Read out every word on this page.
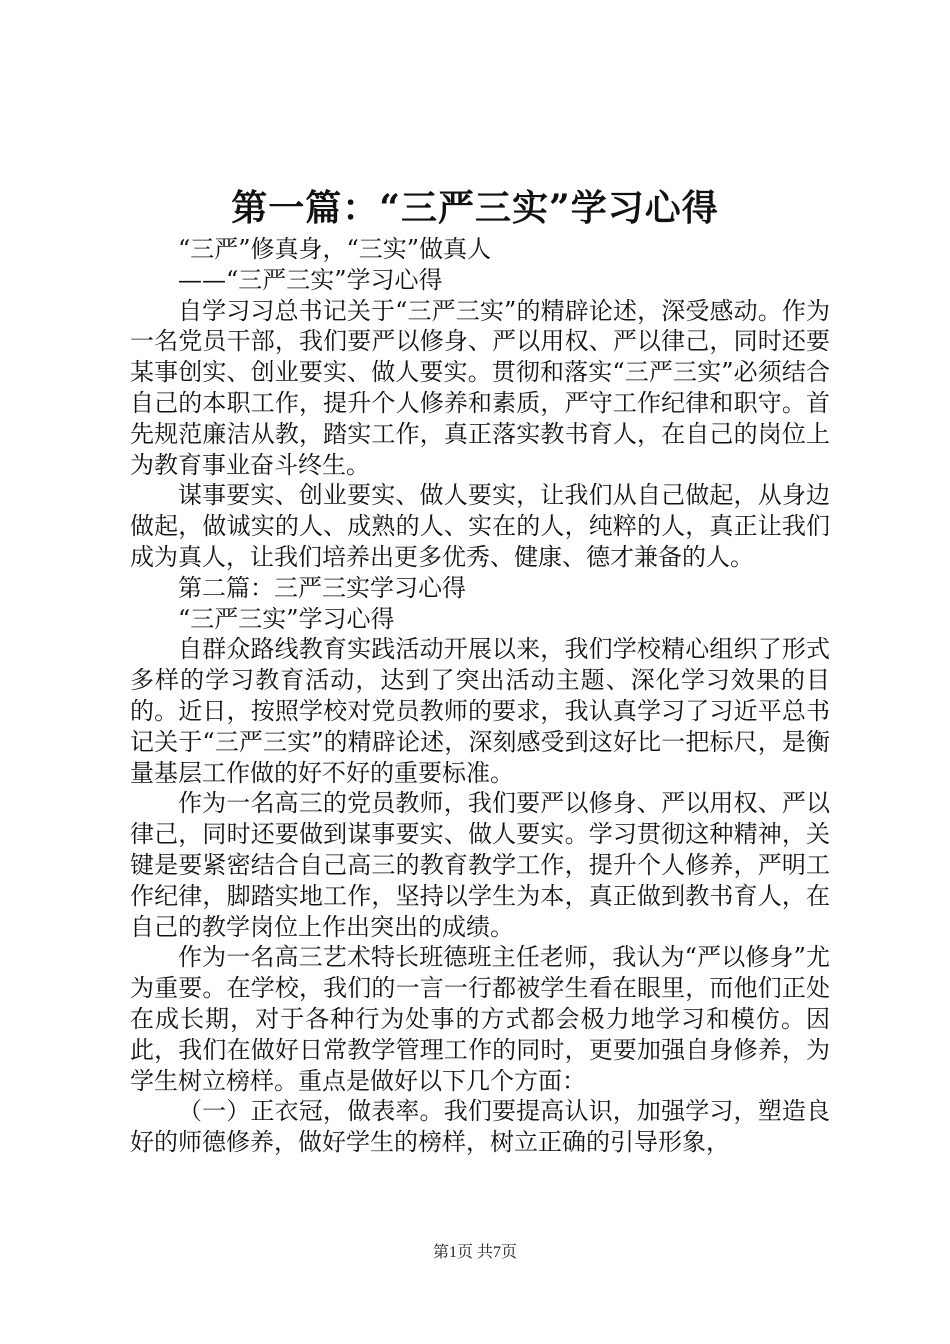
第一篇：“三严三实”学习心得

“三严”修真身，“三实”做真人

——“三严三实”学习心得

自学习习总书记关于“三严三实”的精辟论述，深受感动。作为一名党员干部，我们要严以修身、严以用权、严以律己，同时还要某事创实、创业要实、做人要实。贯彻和落实“三严三实”必须结合自己的本职工作，提升个人修养和素质，严守工作纪律和职守。首先规范廉洁从教，踏实工作，真正落实教书育人，在自己的岗位上为教育事业奋斗终生。

谋事要实、创业要实、做人要实，让我们从自己做起，从身边做起，做诚实的人、成熟的人、实在的人，纯粹的人，真正让我们成为真人，让我们培养出更多优秀、健康、德才兼备的人。

第二篇：三严三实学习心得

“三严三实”学习心得

自群众路线教育实践活动开展以来，我们学校精心组织了形式多样的学习教育活动，达到了突出活动主题、深化学习效果的目的。近日，按照学校对党员教师的要求，我认真学习了习近平总书记关于“三严三实”的精辟论述，深刻感受到这好比一把标尺，是衡量基层工作做的好不好的重要标准。

作为一名高三的党员教师，我们要严以修身、严以用权、严以律己，同时还要做到谋事要实、做人要实。学习贯彻这种精神，关键是要紧密结合自己高三的教育教学工作，提升个人修养，严明工作纪律，脚踏实地工作，坚持以学生为本，真正做到教书育人，在自己的教学岗位上作出突出的成绩。

作为一名高三艺术特长班德班主任老师，我认为“严以修身”尤为重要。在学校，我们的一言一行都被学生看在眼里，而他们正处在成长期，对于各种行为处事的方式都会极力地学习和模仿。因此，我们在做好日常教学管理工作的同时，更要加强自身修养，为学生树立榜样。重点是做好以下几个方面：

（一）正衣冠，做表率。我们要提高认识，加强学习，塑造良好的师德修养，做好学生的榜样，树立正确的引导形象，

第1页 共7页
